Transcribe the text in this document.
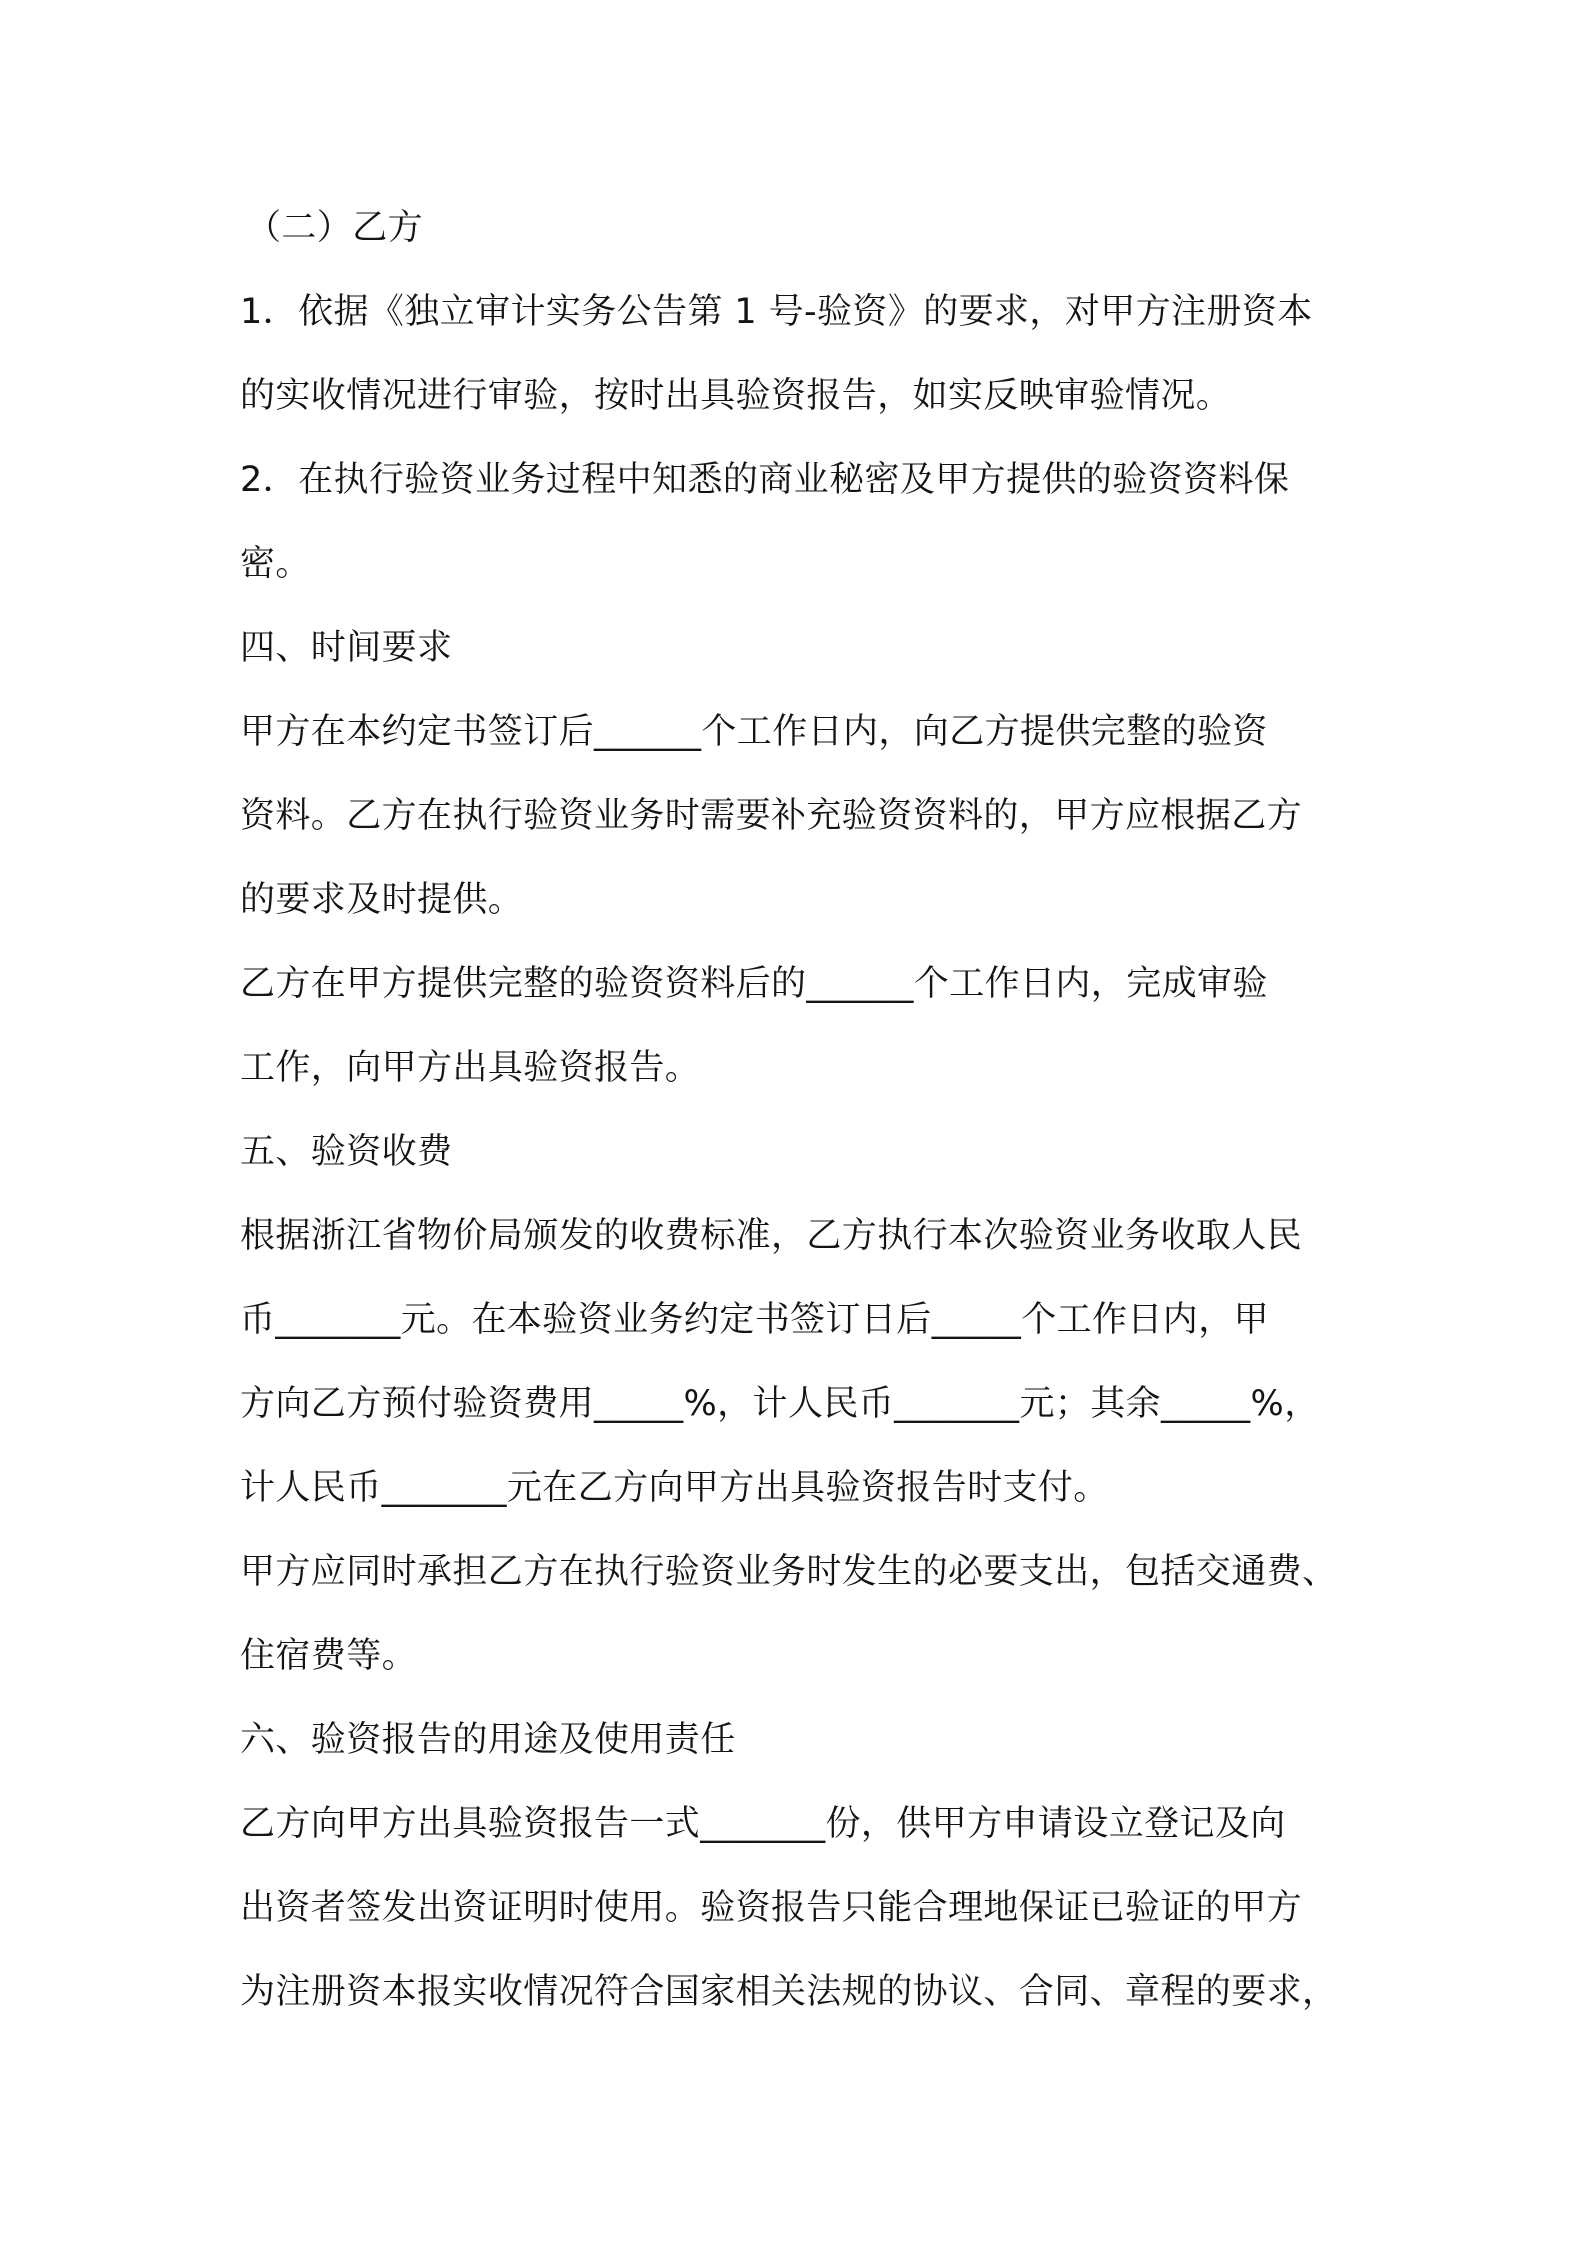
（二）乙方

1．依据《独立审计实务公告第 1 号-验资》的要求，对甲方注册资本

的实收情况进行审验，按时出具验资报告，如实反映审验情况。

2．在执行验资业务过程中知悉的商业秘密及甲方提供的验资资料保

密。

四、时间要求

甲方在本约定书签订后______个工作日内，向乙方提供完整的验资

资料。乙方在执行验资业务时需要补充验资资料的，甲方应根据乙方

的要求及时提供。

乙方在甲方提供完整的验资资料后的______个工作日内，完成审验

工作，向甲方出具验资报告。

五、验资收费

根据浙江省物价局颁发的收费标准，乙方执行本次验资业务收取人民

币_______元。在本验资业务约定书签订日后_____个工作日内，甲

方向乙方预付验资费用_____%，计人民币_______元；其余_____%，

计人民币_______元在乙方向甲方出具验资报告时支付。

甲方应同时承担乙方在执行验资业务时发生的必要支出，包括交通费、

住宿费等。

六、验资报告的用途及使用责任

乙方向甲方出具验资报告一式_______份，供甲方申请设立登记及向

出资者签发出资证明时使用。验资报告只能合理地保证已验证的甲方

为注册资本报实收情况符合国家相关法规的协议、合同、章程的要求，
